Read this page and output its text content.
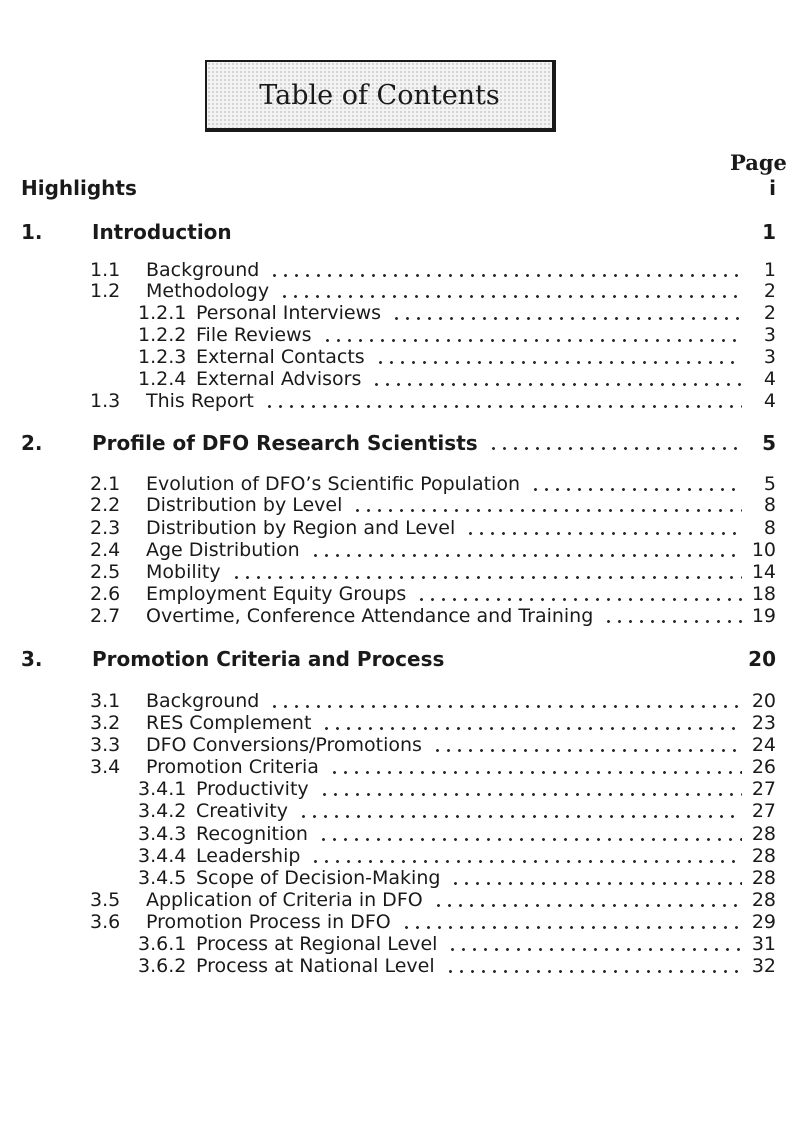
Table of Contents
Page
Highlights	i
1. Introduction	1
1.1 Background	1
1.2 Methodology	2
1.2.1 Personal Interviews	2
1.2.2 File Reviews	3
1.2.3 External Contacts	3
1.2.4 External Advisors	4
1.3 This Report	4
2. Profile of DFO Research Scientists	5
2.1 Evolution of DFO’s Scientific Population	5
2.2 Distribution by Level	8
2.3 Distribution by Region and Level	8
2.4 Age Distribution	10
2.5 Mobility	14
2.6 Employment Equity Groups	18
2.7 Overtime, Conference Attendance and Training	19
3. Promotion Criteria and Process	20
3.1 Background	20
3.2 RES Complement	23
3.3 DFO Conversions/Promotions	24
3.4 Promotion Criteria	26
3.4.1 Productivity	27
3.4.2 Creativity	27
3.4.3 Recognition	28
3.4.4 Leadership	28
3.4.5 Scope of Decision-Making	28
3.5 Application of Criteria in DFO	28
3.6 Promotion Process in DFO	29
3.6.1 Process at Regional Level	31
3.6.2 Process at National Level	32
